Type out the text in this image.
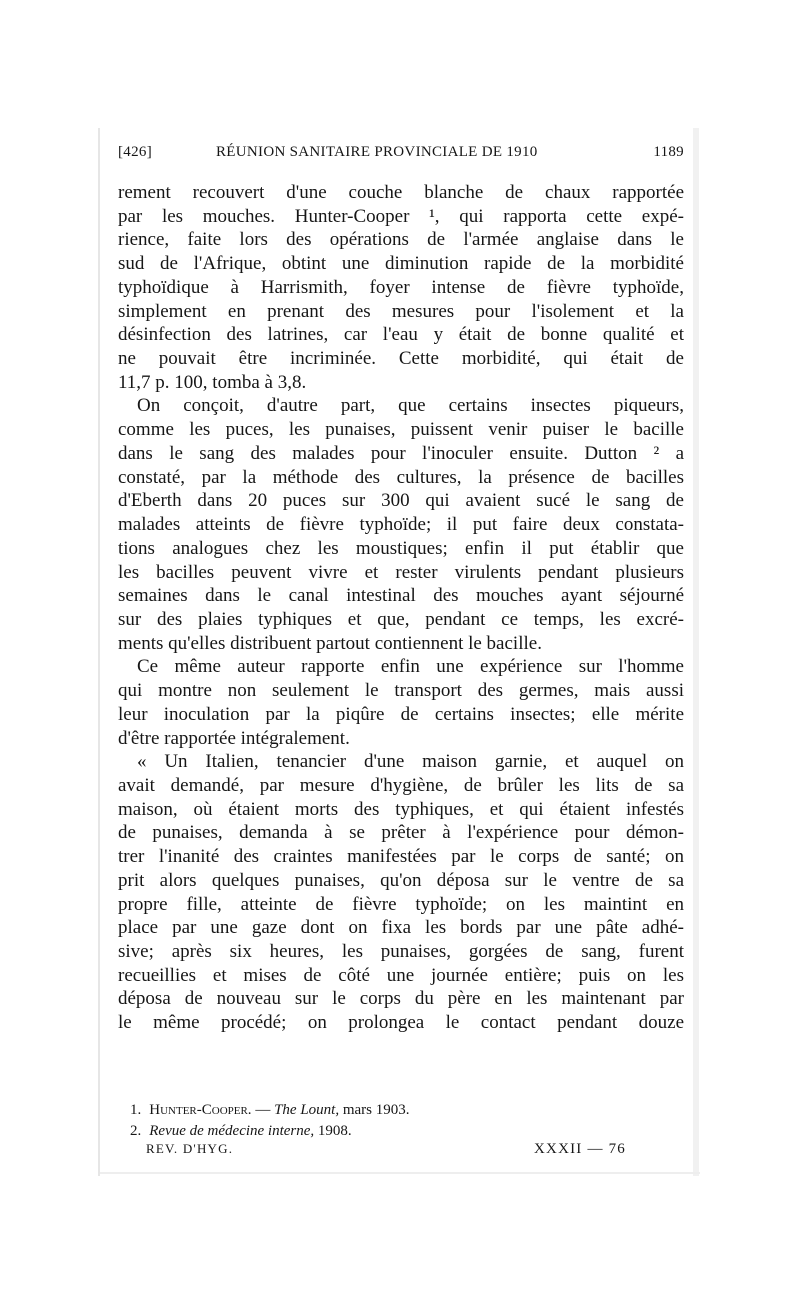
[426]	RÉUNION SANITAIRE PROVINCIALE DE 1910	1189
rement recouvert d'une couche blanche de chaux rapportée
par les mouches. Hunter-Cooper ¹, qui rapporta cette expé-
rience, faite lors des opérations de l'armée anglaise dans le
sud de l'Afrique, obtint une diminution rapide de la morbidité
typhoïdique à Harrismith, foyer intense de fièvre typhoïde,
simplement en prenant des mesures pour l'isolement et la
désinfection des latrines, car l'eau y était de bonne qualité et
ne pouvait être incriminée. Cette morbidité, qui était de
11,7 p. 100, tomba à 3,8.
On conçoit, d'autre part, que certains insectes piqueurs,
comme les puces, les punaises, puissent venir puiser le bacille
dans le sang des malades pour l'inoculer ensuite. Dutton ² a
constaté, par la méthode des cultures, la présence de bacilles
d'Eberth dans 20 puces sur 300 qui avaient sucé le sang de
malades atteints de fièvre typhoïde; il put faire deux constata-
tions analogues chez les moustiques; enfin il put établir que
les bacilles peuvent vivre et rester virulents pendant plusieurs
semaines dans le canal intestinal des mouches ayant séjourné
sur des plaies typhiques et que, pendant ce temps, les excré-
ments qu'elles distribuent partout contiennent le bacille.
Ce même auteur rapporte enfin une expérience sur l'homme
qui montre non seulement le transport des germes, mais aussi
leur inoculation par la piqûre de certains insectes; elle mérite
d'être rapportée intégralement.
« Un Italien, tenancier d'une maison garnie, et auquel on
avait demandé, par mesure d'hygiène, de brûler les lits de sa
maison, où étaient morts des typhiques, et qui étaient infestés
de punaises, demanda à se prêter à l'expérience pour démon-
trer l'inanité des craintes manifestées par le corps de santé; on
prit alors quelques punaises, qu'on déposa sur le ventre de sa
propre fille, atteinte de fièvre typhoïde; on les maintint en
place par une gaze dont on fixa les bords par une pâte adhé-
sive; après six heures, les punaises, gorgées de sang, furent
recueillies et mises de côté une journée entière; puis on les
déposa de nouveau sur le corps du père en les maintenant par
le même procédé; on prolongea le contact pendant douze
1. Hunter-Cooper. — The Lount, mars 1903.
2. Revue de médecine interne, 1908.
REV. D'HYG.	XXXII — 76
